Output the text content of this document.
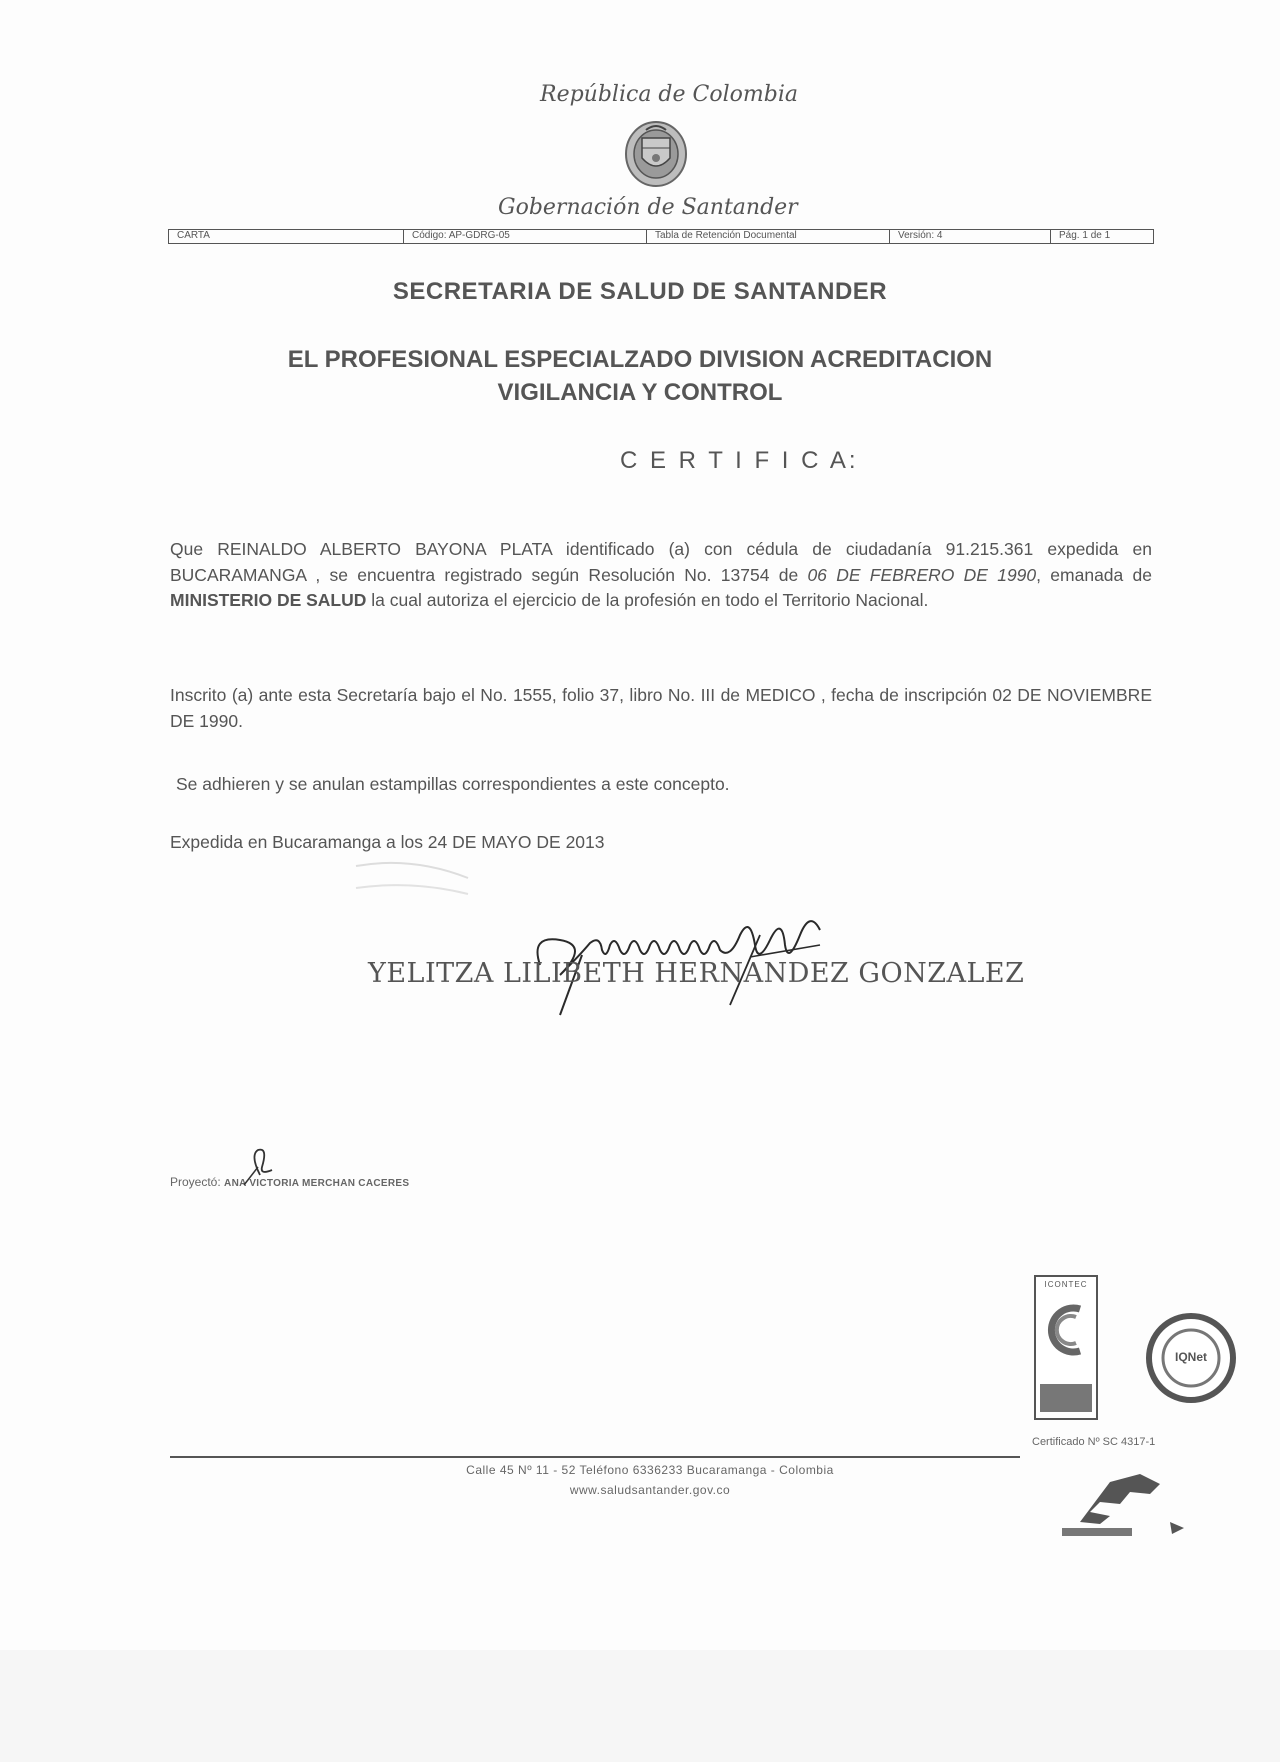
República de Colombia
Gobernación de Santander
CARTA	Código: AP-GDRG-05	Tabla de Retención Documental	Versión: 4	Pág. 1 de 1
SECRETARIA DE SALUD DE SANTANDER
EL PROFESIONAL ESPECIALZADO DIVISION ACREDITACION
VIGILANCIA Y CONTROL
C E R T I F I C A:

Que REINALDO ALBERTO BAYONA PLATA identificado (a) con cédula de ciudadanía 91.215.361 expedida en BUCARAMANGA , se encuentra registrado según Resolución No. 13754 de 06 DE FEBRERO DE 1990, emanada de MINISTERIO DE SALUD la cual autoriza el ejercicio de la profesión en todo el Territorio Nacional.

Inscrito (a) ante esta Secretaría bajo el No. 1555, folio 37, libro No. III de MEDICO , fecha de inscripción 02 DE NOVIEMBRE DE 1990.

Se adhieren y se anulan estampillas correspondientes a este concepto.

Expedida en Bucaramanga a los 24 DE MAYO DE 2013

YELITZA LILIBETH HERNANDEZ GONZALEZ
Proyectó: ANA VICTORIA MERCHAN CACERES
ICONTEC
IQNet
Certificado Nº SC 4317-1
Calle 45 Nº 11 - 52 Teléfono 6336233 Bucaramanga - Colombia
www.saludsantander.gov.co
